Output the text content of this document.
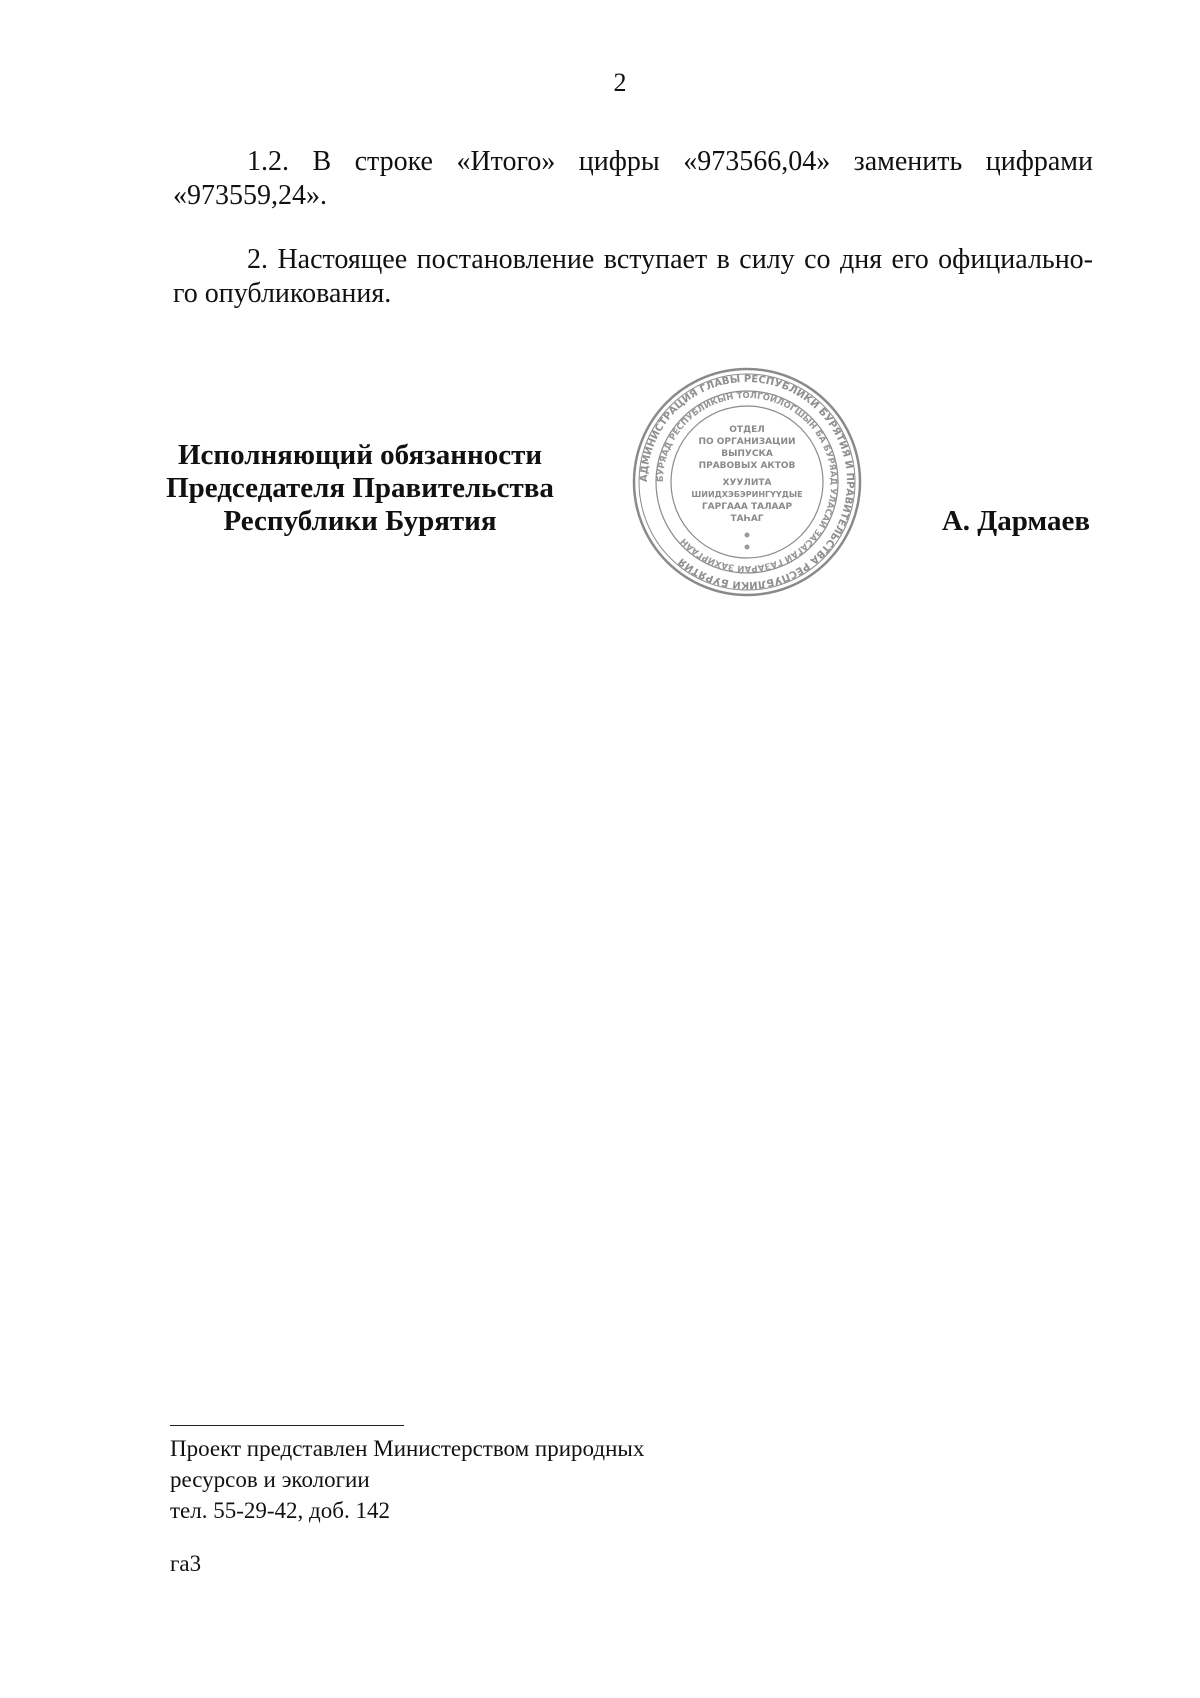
2

1.2. В строке «Итого» цифры «973566,04» заменить цифрами «973559,24».

2. Настоящее постановление вступает в силу со дня его официально-го опубликования.

Исполняющий обязанности
Председателя Правительства
Республики Бурятия
АДМИНИСТРАЦИЯ ГЛАВЫ РЕСПУБЛИКИ БУРЯТИЯ И ПРАВИТЕЛЬСТВА РЕСПУБЛИКИ БУРЯТИЯ
БУРЯАД РЕСПУБЛИКЫН ТОЛГОЙЛОГШЫН БА БУРЯАД УЛАСАЙ ЗАСАГАЙ ГАЗАРАЙ ЗАХИРГААН
ОТДЕЛ
ПО ОРГАНИЗАЦИИ
ВЫПУСКА
ПРАВОВЫХ АКТОВ
ХУУЛИТА
ШИИДХЭБЭРИНГҮҮДЫЕ
ГАРГААА ТАЛААР
ТАҺАГ	А. Дармаев
Проект представлен Министерством природных
ресурсов и экологии
тел. 55-29-42, доб. 142
га3
